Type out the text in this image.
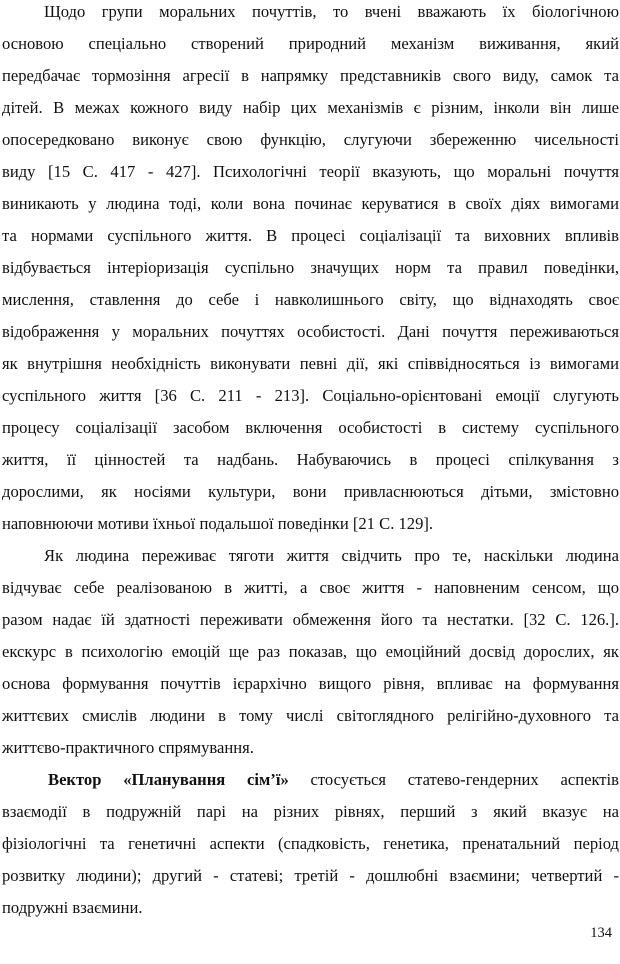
Щодо групи моральних почуттів, то вчені вважають їх біологічною
основою спеціально створений природний механізм виживання, який
передбачає тормозіння агресії в напрямку представників свого виду, самок та
дітей. В межах кожного виду набір цих механізмів є різним, інколи він лише
опосередковано виконує свою функцію, слугуючи збереженню чисельності
виду [15 С. 417 - 427]. Психологічні теорії вказують, що моральні почуття
виникають у людина тоді, коли вона починає керуватися в своїх діях вимогами
та нормами суспільного життя. В процесі соціалізації та виховних впливів
відбувається інтеріоризація суспільно значущих норм та правил поведінки,
мислення, ставлення до себе і навколишнього світу, що віднаходять своє
відображення у моральних почуттях особистості. Дані почуття переживаються
як внутрішня необхідність виконувати певні дії, які співвідносяться із вимогами
суспільного життя [36 С. 211 - 213]. Соціально-орієнтовані емоції слугують
процесу соціалізації засобом включення особистості в систему суспільного
життя, її цінностей та надбань. Набуваючись в процесі спілкування з
дорослими, як носіями культури, вони привласнюються дітьми, змістовно
наповнюючи мотиви їхньої подальшої поведінки [21 С. 129].
Як людина переживає тяготи життя свідчить про те, наскільки людина
відчуває себе реалізованою в житті, а своє життя - наповненим сенсом, що
разом надає їй здатності переживати обмеження його та нестатки. [32 С. 126.].
екскурс в психологію емоцій ще раз показав, що емоційний досвід дорослих, як
основа формування почуттів ієрархічно вищого рівня, впливає на формування
життєвих смислів людини в тому числі світоглядного релігійно-духовного та
життєво-практичного спрямування.
Вектор «Планування сім’ї» стосується статево-гендерних аспектів
взаємодії в подружній парі на різних рівнях, перший з який вказує на
фізіологічні та генетичні аспекти (спадковість, генетика, пренатальний період
розвитку людини); другий - статеві; третій - дошлюбні взаємини; четвертий -
подружні взаємини.
134
